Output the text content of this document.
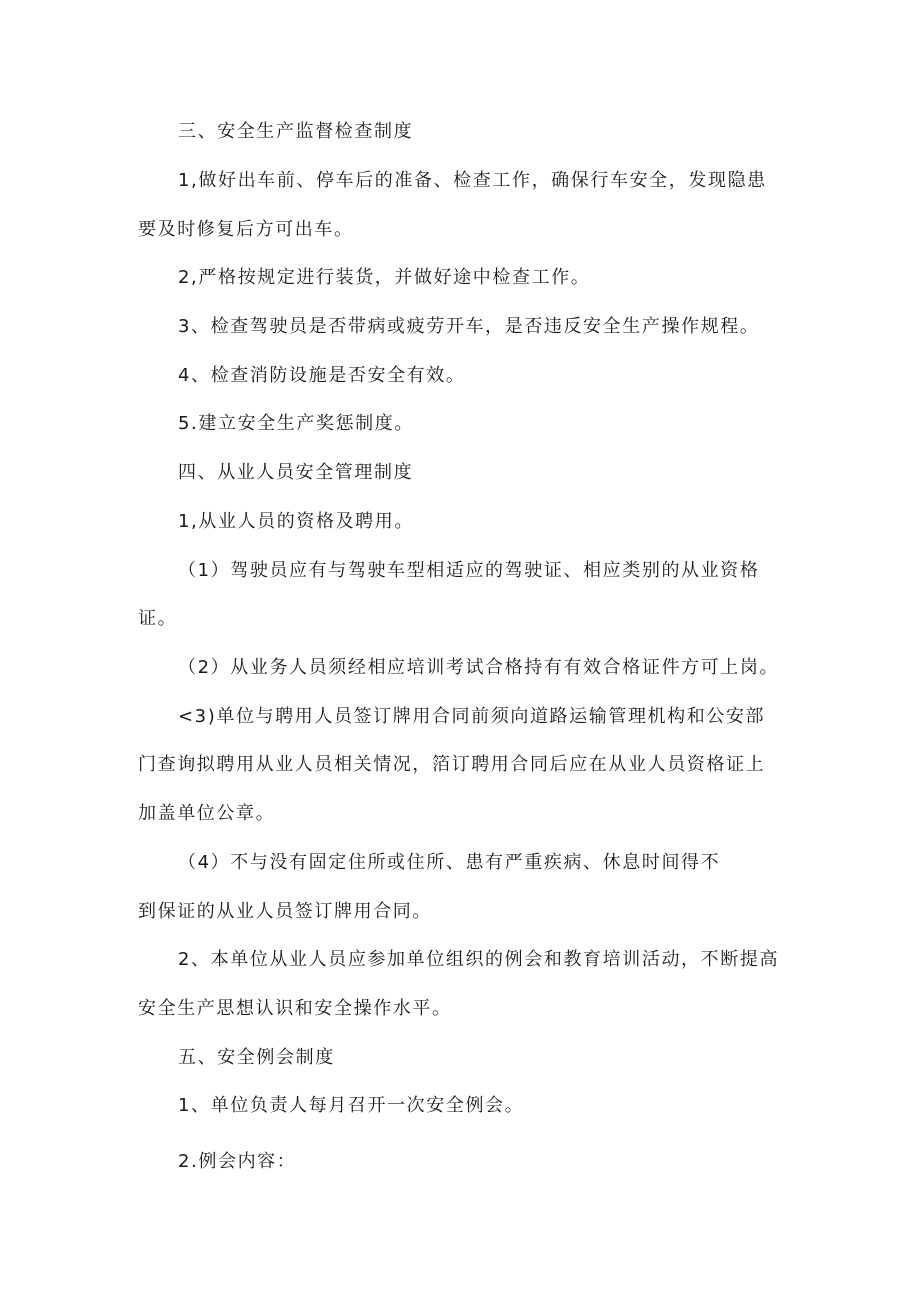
三、安全生产监督检查制度
1,做好出车前、停车后的准备、检查工作，确保行车安全，发现隐患
要及时修复后方可出车。
2,严格按规定进行装货，并做好途中检查工作。
3、检查驾驶员是否带病或疲劳开车，是否违反安全生产操作规程。
4、检查消防设施是否安全有效。
5.建立安全生产奖惩制度。
四、从业人员安全管理制度
1,从业人员的资格及聘用。
（1）驾驶员应有与驾驶车型相适应的驾驶证、相应类别的从业资格
证。
（2）从业务人员须经相应培训考试合格持有有效合格证件方可上岗。
<3)单位与聘用人员签订牌用合同前须向道路运输管理机构和公安部
门查询拟聘用从业人员相关情况，箔订聘用合同后应在从业人员资格证上
加盖单位公章。
（4）不与没有固定住所或住所、患有严重疾病、休息时间得不
到保证的从业人员签订牌用合同。
2、本单位从业人员应参加单位组织的例会和教育培训活动，不断提高
安全生产思想认识和安全操作水平。
五、安全例会制度
1、单位负责人每月召开一次安全例会。
2.例会内容：
